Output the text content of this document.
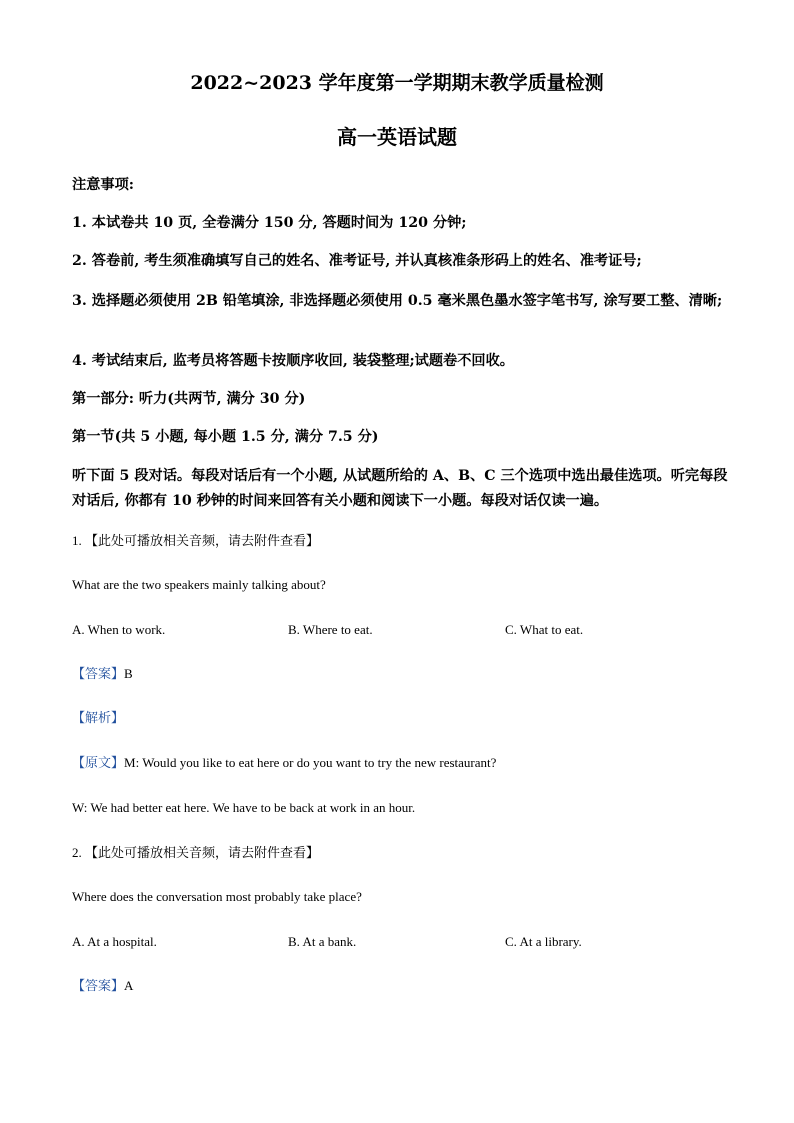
2022~2023 学年度第一学期期末教学质量检测
高一英语试题
注意事项:
1. 本试卷共 10 页, 全卷满分 150 分, 答题时间为 120 分钟;
2. 答卷前, 考生须准确填写自己的姓名、准考证号, 并认真核准条形码上的姓名、准考证号;
3. 选择题必须使用 2B 铅笔填涂, 非选择题必须使用 0.5 毫米黑色墨水签字笔书写, 涂写要工整、清晰;
4. 考试结束后, 监考员将答题卡按顺序收回, 装袋整理;试题卷不回收。
第一部分: 听力(共两节, 满分 30 分)
第一节(共 5 小题, 每小题 1.5 分, 满分 7.5 分)
听下面 5 段对话。每段对话后有一个小题, 从试题所给的 A、B、C 三个选项中选出最佳选项。听完每段对话后, 你都有 10 秒钟的时间来回答有关小题和阅读下一小题。每段对话仅读一遍。
1. 【此处可播放相关音频，请去附件查看】
What are the two speakers mainly talking about?
A. When to work.	B. Where to eat.	C. What to eat.
【答案】B
【解析】
【原文】M: Would you like to eat here or do you want to try the new restaurant?
W: We had better eat here. We have to be back at work in an hour.
2. 【此处可播放相关音频，请去附件查看】
Where does the conversation most probably take place?
A. At a hospital.	B. At a bank.	C. At a library.
【答案】A
